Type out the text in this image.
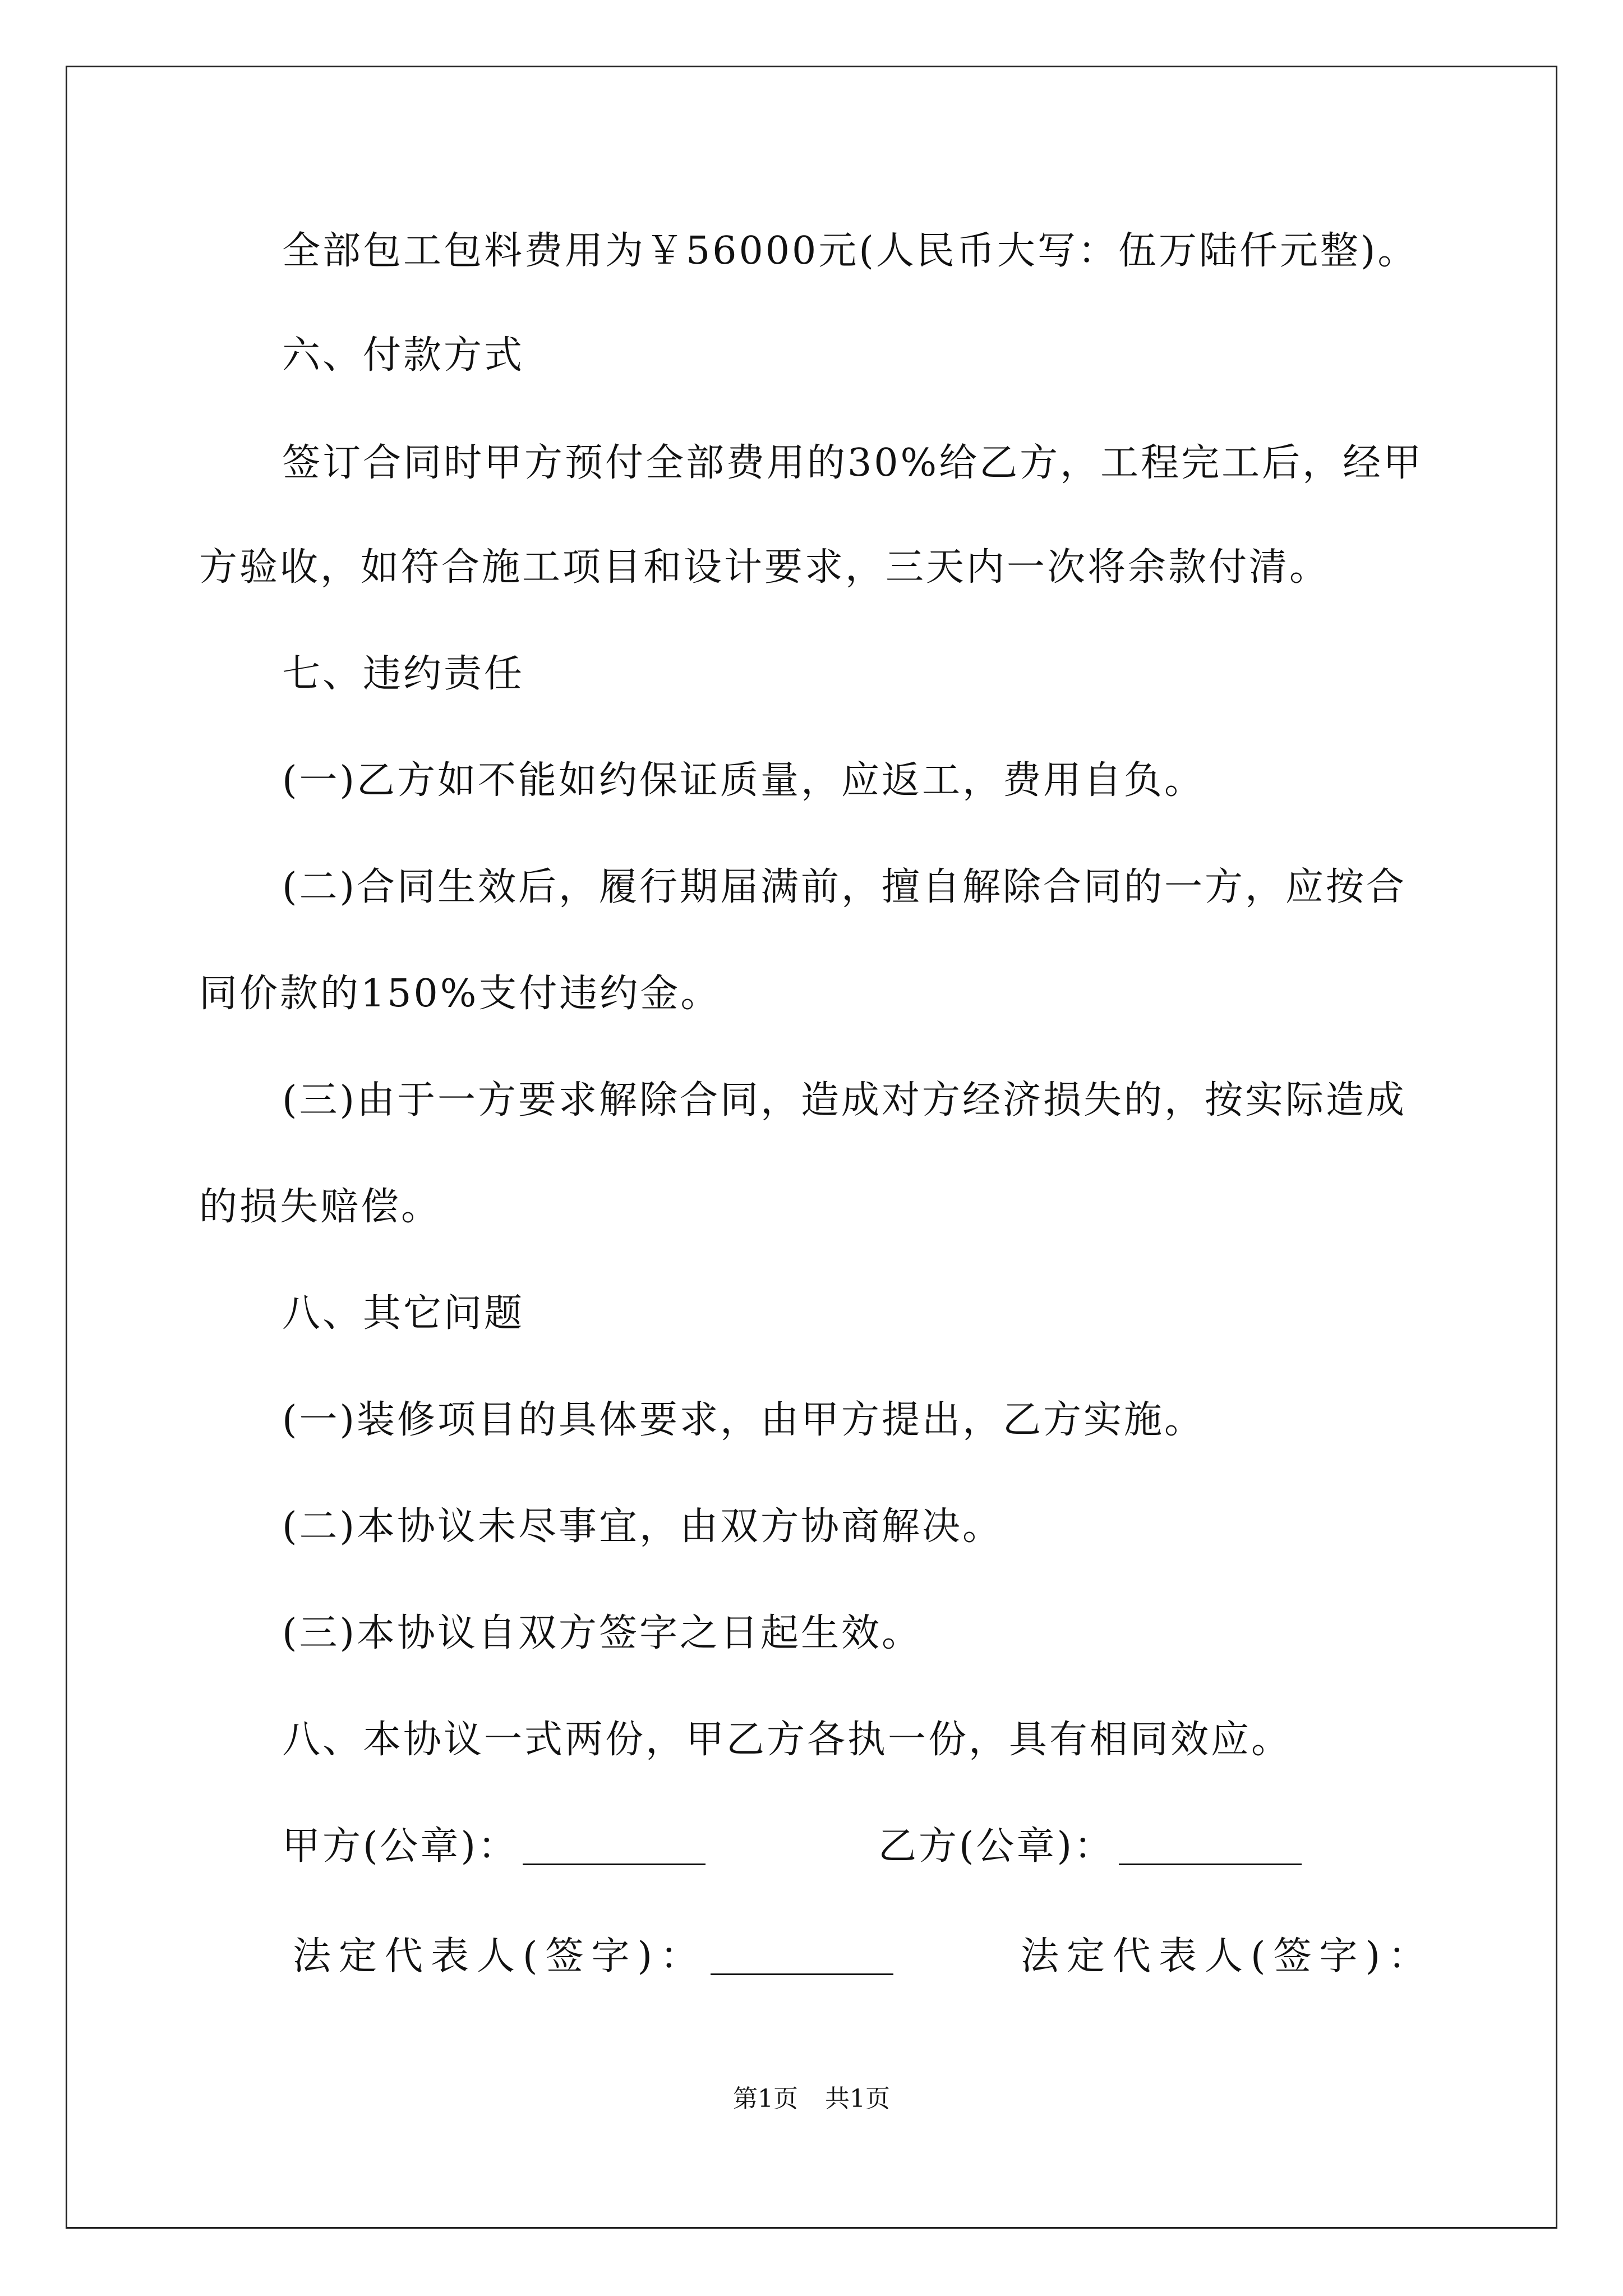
全部包工包料费用为￥56000元(人民币大写：伍万陆仟元整)。
六、付款方式
签订合同时甲方预付全部费用的30%给乙方，工程完工后，经甲
方验收，如符合施工项目和设计要求，三天内一次将余款付清。
七、违约责任
(一)乙方如不能如约保证质量，应返工，费用自负。
(二)合同生效后，履行期届满前，擅自解除合同的一方，应按合
同价款的150%支付违约金。
(三)由于一方要求解除合同，造成对方经济损失的，按实际造成
的损失赔偿。
八、其它问题
(一)装修项目的具体要求，由甲方提出，乙方实施。
(二)本协议未尽事宜，由双方协商解决。
(三)本协议自双方签字之日起生效。
八、本协议一式两份，甲乙方各执一份，具有相同效应。
甲方(公章)：	乙方(公章)：
法定代表人(签字)：	法定代表人(签字)：
第1页 共1页
